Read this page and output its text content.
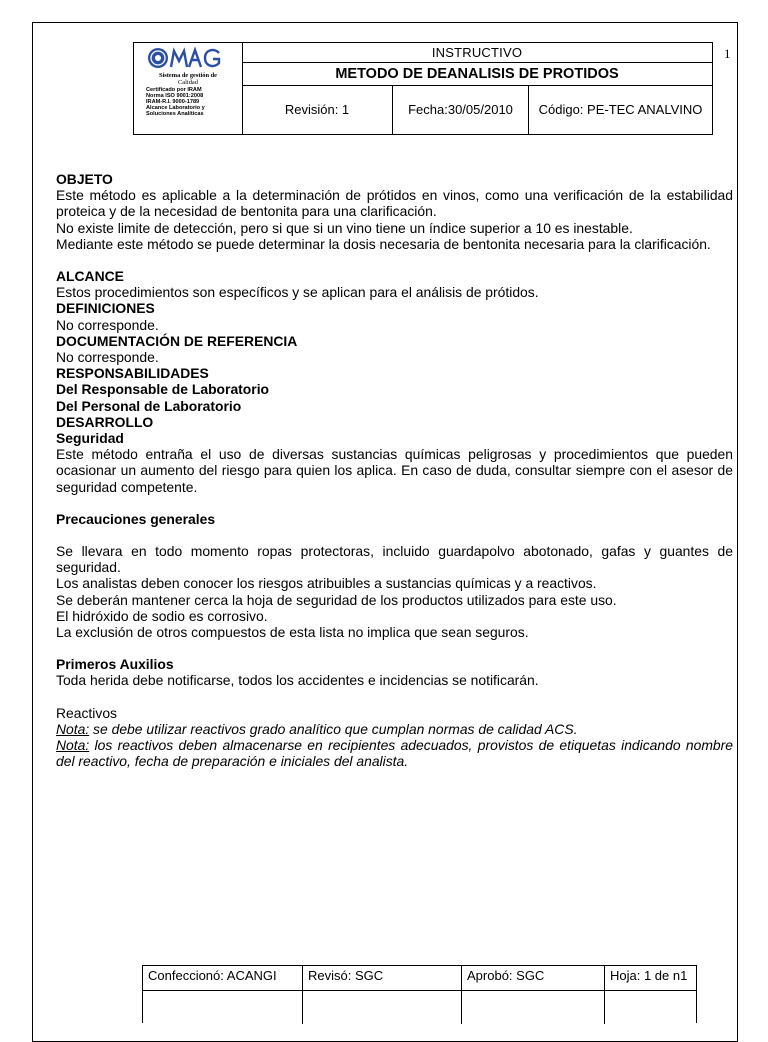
1
Sistema de gestión de
Calidad
Certificado por IRAM
Norma ISO 9001:2008
IRAM-R.I. 9000-1789
Alcance Laboratorio y
Soluciones Analíticas
INSTRUCTIVO
METODO DE DEANALISIS DE PROTIDOS
Revisión: 1	Fecha:30/05/2010	Código: PE-TEC ANALVINO

OBJETO

Este método es aplicable a la determinación de prótidos en vinos, como una verificación de la estabilidad proteica y de la necesidad de bentonita para una clarificación.

No existe limite de detección, pero si que si un vino tiene un índice superior a 10 es inestable.

Mediante este método se puede determinar la dosis necesaria de bentonita necesaria para la clarificación.

ALCANCE

Estos procedimientos son específicos y se aplican para el análisis de prótidos.

DEFINICIONES

No corresponde.

DOCUMENTACIÓN DE REFERENCIA

No corresponde.

RESPONSABILIDADES

Del Responsable de Laboratorio

Del Personal de Laboratorio

DESARROLLO

Seguridad

Este método entraña el uso de diversas sustancias químicas peligrosas y procedimientos que pueden ocasionar un aumento del riesgo para quien los aplica. En caso de duda, consultar siempre con el asesor de seguridad competente.

Precauciones generales

Se llevara en todo momento ropas protectoras, incluido guardapolvo abotonado, gafas y guantes de seguridad.

Los analistas deben conocer los riesgos atribuibles a sustancias químicas y a reactivos.

Se deberán mantener cerca la hoja de seguridad de los productos utilizados para este uso.

El hidróxido de sodio es corrosivo.

La exclusión de otros compuestos de esta lista no implica que sean seguros.

Primeros Auxilios

Toda herida debe notificarse, todos los accidentes e incidencias se notificarán.

Reactivos

Nota: se debe utilizar reactivos grado analítico que cumplan normas de calidad ACS.

Nota: los reactivos deben almacenarse en recipientes adecuados, provistos de etiquetas indicando nombre del reactivo, fecha de preparación e iniciales del analista.

Confeccionó: ACANGI	Revisó: SGC	Aprobó: SGC	Hoja: 1 de n1
